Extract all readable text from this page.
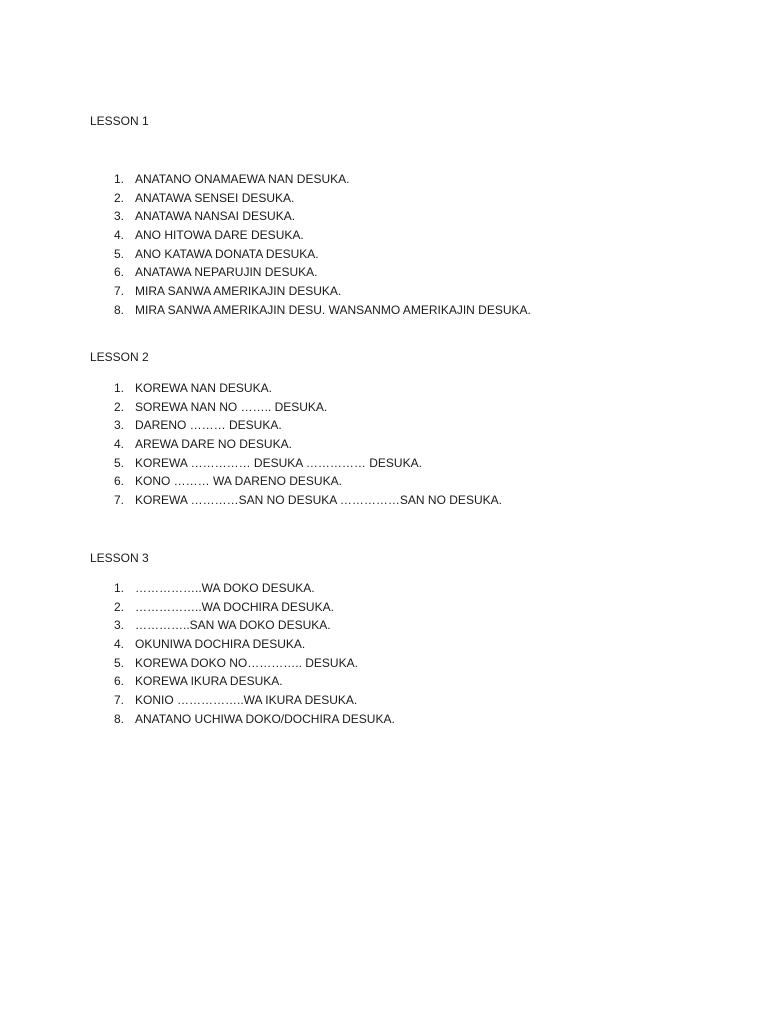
LESSON 1
1. ANATANO ONAMAEWA NAN DESUKA.
2. ANATAWA SENSEI DESUKA.
3. ANATAWA NANSAI DESUKA.
4. ANO HITOWA DARE DESUKA.
5. ANO KATAWA DONATA DESUKA.
6. ANATAWA NEPARUJIN DESUKA.
7. MIRA SANWA AMERIKAJIN DESUKA.
8. MIRA SANWA AMERIKAJIN DESU. WANSANMO AMERIKAJIN DESUKA.
LESSON 2
1. KOREWA NAN DESUKA.
2. SOREWA NAN NO …….. DESUKA.
3. DARENO ……… DESUKA.
4. AREWA DARE NO DESUKA.
5. KOREWA …………… DESUKA …………… DESUKA.
6. KONO ……… WA DARENO DESUKA.
7. KOREWA …………SAN NO DESUKA ……………SAN NO DESUKA.
LESSON 3
1. ……………..WA DOKO DESUKA.
2. ……………..WA DOCHIRA DESUKA.
3. …………..SAN WA DOKO DESUKA.
4. OKUNIWA DOCHIRA DESUKA.
5. KOREWA DOKO NO………….. DESUKA.
6. KOREWA IKURA DESUKA.
7. KONIO ……………..WA IKURA DESUKA.
8. ANATANO UCHIWA DOKO/DOCHIRA DESUKA.
